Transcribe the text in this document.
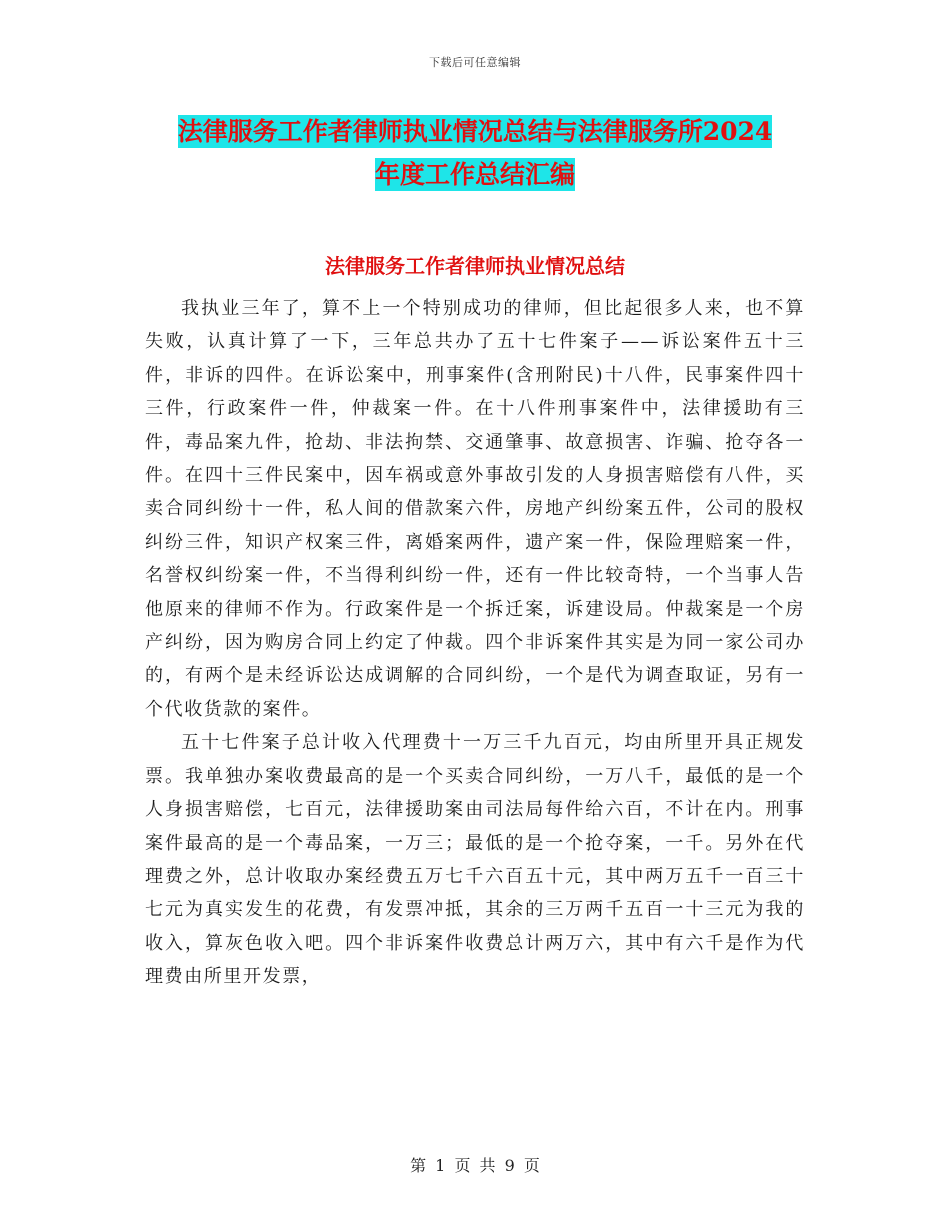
下载后可任意编辑
法律服务工作者律师执业情况总结与法律服务所2024
年度工作总结汇编
法律服务工作者律师执业情况总结

我执业三年了，算不上一个特别成功的律师，但比起很多人来，也不算失败，认真计算了一下，三年总共办了五十七件案子——诉讼案件五十三件，非诉的四件。在诉讼案中，刑事案件(含刑附民)十八件，民事案件四十三件，行政案件一件，仲裁案一件。在十八件刑事案件中，法律援助有三件，毒品案九件，抢劫、非法拘禁、交通肇事、故意损害、诈骗、抢夺各一件。在四十三件民案中，因车祸或意外事故引发的人身损害赔偿有八件，买卖合同纠纷十一件，私人间的借款案六件，房地产纠纷案五件，公司的股权纠纷三件，知识产权案三件，离婚案两件，遗产案一件，保险理赔案一件，名誉权纠纷案一件，不当得利纠纷一件，还有一件比较奇特，一个当事人告他原来的律师不作为。行政案件是一个拆迁案，诉建设局。仲裁案是一个房产纠纷，因为购房合同上约定了仲裁。四个非诉案件其实是为同一家公司办的，有两个是未经诉讼达成调解的合同纠纷，一个是代为调查取证，另有一个代收货款的案件。

五十七件案子总计收入代理费十一万三千九百元，均由所里开具正规发票。我单独办案收费最高的是一个买卖合同纠纷，一万八千，最低的是一个人身损害赔偿，七百元，法律援助案由司法局每件给六百，不计在内。刑事案件最高的是一个毒品案，一万三；最低的是一个抢夺案，一千。另外在代理费之外，总计收取办案经费五万七千六百五十元，其中两万五千一百三十七元为真实发生的花费，有发票冲抵，其余的三万两千五百一十三元为我的收入，算灰色收入吧。四个非诉案件收费总计两万六，其中有六千是作为代理费由所里开发票，

第 1 页 共 9 页
